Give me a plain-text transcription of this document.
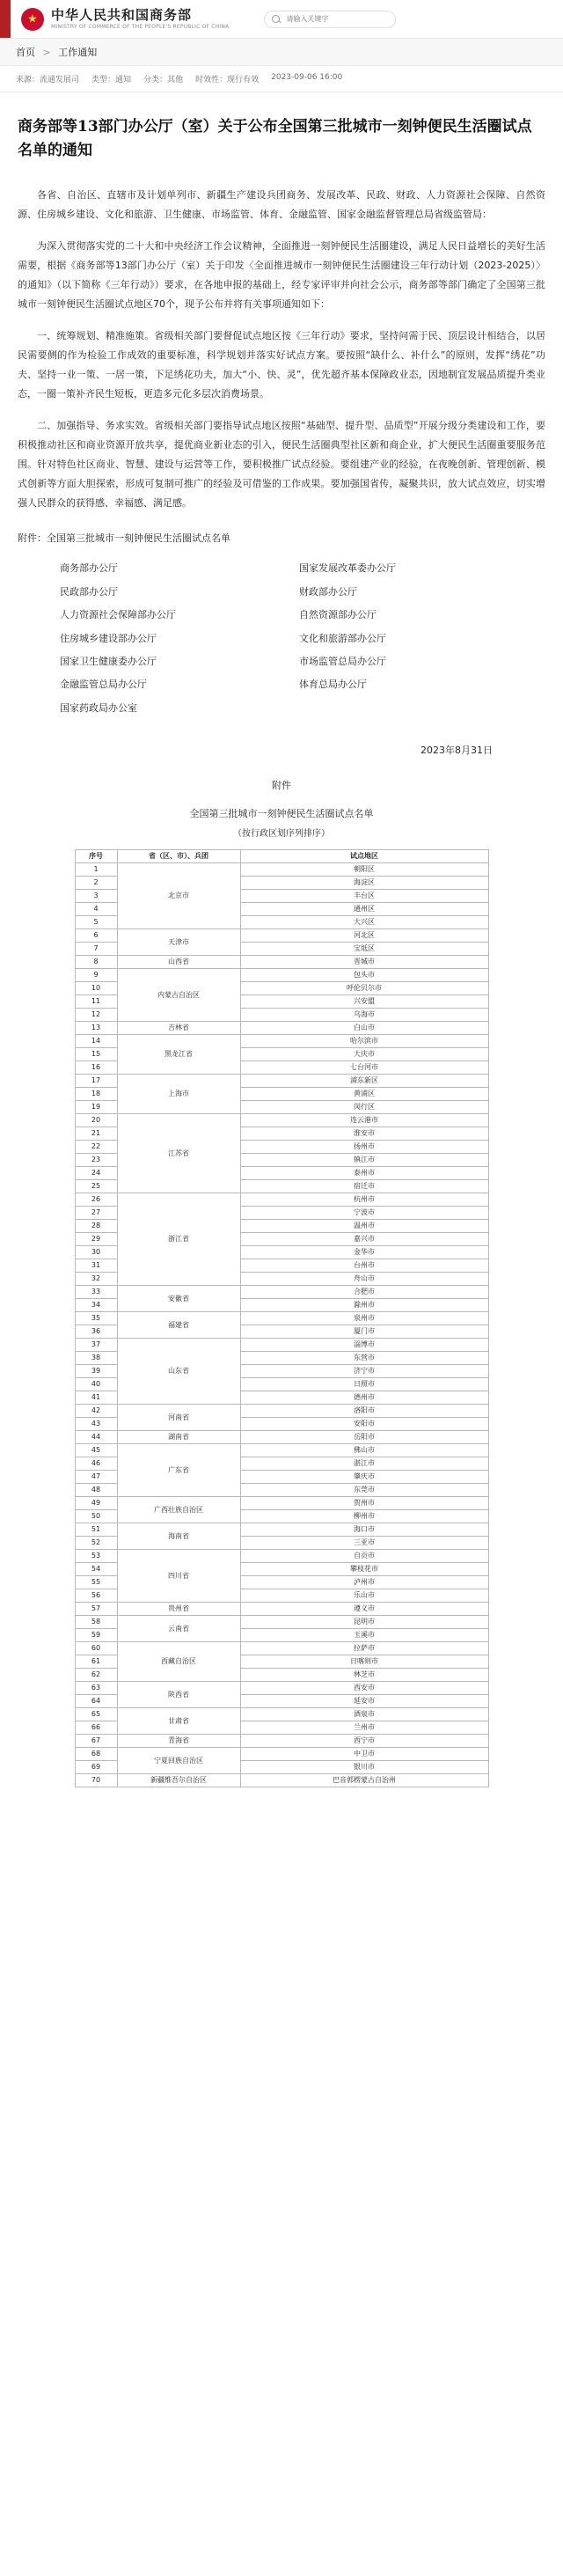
★
中华人民共和国商务部
MINISTRY OF COMMERCE OF THE PEOPLE'S REPUBLIC OF CHINA
请输入关键字
首页 > 工作通知
来源：流通发展司 类型：通知 分类：其他 时效性：现行有效 2023-09-06 16:00
商务部等13部门办公厅（室）关于公布全国第三批城市一刻钟便民生活圈试点名单的通知

各省、自治区、直辖市及计划单列市、新疆生产建设兵团商务、发展改革、民政、财政、人力资源社会保障、自然资源、住房城乡建设、文化和旅游、卫生健康、市场监管、体育、金融监管、国家金融监督管理总局省级监管局：

为深入贯彻落实党的二十大和中央经济工作会议精神，全面推进一刻钟便民生活圈建设，满足人民日益增长的美好生活需要，根据《商务部等13部门办公厅（室）关于印发〈全面推进城市一刻钟便民生活圈建设三年行动计划（2023-2025）〉的通知》（以下简称《三年行动》）要求，在各地申报的基础上，经专家评审并向社会公示，商务部等部门确定了全国第三批城市一刻钟便民生活圈试点地区70个，现予公布并将有关事项通知如下：

一、统筹规划、精准施策。省级相关部门要督促试点地区按《三年行动》要求，坚持问需于民、顶层设计相结合，以居民需要侧的作为检验工作成效的重要标准，科学规划并落实好试点方案。要按照“缺什么、补什么”的原则，发挥“绣花”功夫、坚持一业一策、一居一策，下足绣花功夫，加大“小、快、灵”，优先超齐基本保障政业态，因地制宜发展品质提升类业态，一圈一策补齐民生短板，更造多元化多层次消费场景。

二、加强指导、务求实效。省级相关部门要指导试点地区按照“基础型、提升型、品质型”开展分级分类建设和工作，要积极推动社区和商业资源开放共享，提优商业新业态的引入，便民生活圈典型社区新和商企业，扩大便民生活圈重要服务范围。针对特色社区商业、智慧、建设与运营等工作，要积极推广试点经验。要组建产业的经验，在夜晚创新、管理创新、模式创新等方面大胆探索，形成可复制可推广的经验及可借鉴的工作成果。要加强国省传，凝聚共识，放大试点效应，切实增强人民群众的获得感、幸福感、满足感。

附件：全国第三批城市一刻钟便民生活圈试点名单
商务部办公厅	国家发展改革委办公厅
民政部办公厅	财政部办公厅
人力资源社会保障部办公厅	自然资源部办公厅
住房城乡建设部办公厅	文化和旅游部办公厅
国家卫生健康委办公厅	市场监管总局办公厅
金融监管总局办公厅	体育总局办公厅
国家药政局办公室	
2023年8月31日
附件
全国第三批城市一刻钟便民生活圈试点名单
（按行政区划序列排序）
序号	省（区、市）、兵团	试点地区
1	北京市	朝阳区
2		海淀区
3		丰台区
4		通州区
5		大兴区
6	天津市	河北区
7		宝坻区
8	山西省	晋城市
9	内蒙古自治区	包头市
10		呼伦贝尔市
11		兴安盟
12		乌海市
13	吉林省	白山市
14	黑龙江省	哈尔滨市
15		大庆市
16		七台河市
17	上海市	浦东新区
18		黄浦区
19		闵行区
20	江苏省	连云港市
21		淮安市
22		扬州市
23		镇江市
24		泰州市
25		宿迁市
26	浙江省	杭州市
27		宁波市
28		温州市
29		嘉兴市
30		金华市
31		台州市
32		舟山市
33	安徽省	合肥市
34		滁州市
35	福建省	泉州市
36		厦门市
37	山东省	淄博市
38		东营市
39		济宁市
40		日照市
41		德州市
42	河南省	洛阳市
43		安阳市
44	湖南省	岳阳市
45	广东省	佛山市
46		湛江市
47		肇庆市
48		东莞市
49	广西壮族自治区	贺州市
50		柳州市
51	海南省	海口市
52		三亚市
53	四川省	自贡市
54		攀枝花市
55		泸州市
56		乐山市
57	贵州省	遵义市
58	云南省	昆明市
59		玉溪市
60	西藏自治区	拉萨市
61		日喀则市
62		林芝市
63	陕西省	西安市
64		延安市
65	甘肃省	酒泉市
66		兰州市
67	青海省	西宁市
68	宁夏回族自治区	中卫市
69		银川市
70	新疆维吾尔自治区	巴音郭楞蒙古自治州
